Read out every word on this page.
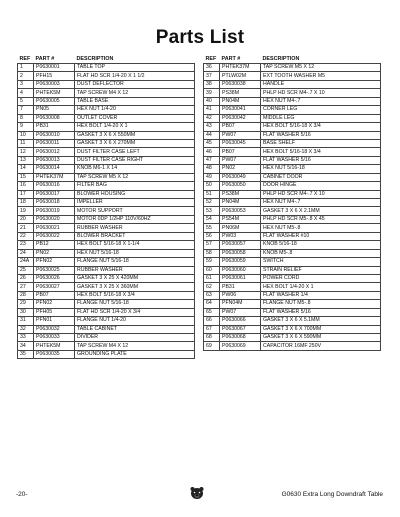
Parts List
REF	PART #	DESCRIPTION
1	P0630001	TABLE TOP
2	PFH15	FLAT HD SCR 1/4-20 X 1 1/2
3	P0630003	DUST DEFLECTOR
4	PHTEK5M	TAP SCREW M4 X 12
5	P0630005	TABLE BASE
7	PN05	HEX NUT 1/4-20
8	P0630008	OUTLET COVER
9	PB31	HEX BOLT 1/4-20 X 1
10	P0630010	GASKET 3 X 6 X 550MM
11	P0630011	GASKET 3 X 6 X 270MM
12	P0630012	DUST FILTER CASE LEFT
13	P0630013	DUST FILTER CASE RIGHT
14	P0630014	KNOB M6-1 X 14
15	PHTEK37M	TAP SCREW M5 X 12
16	P0630016	FILTER BAG
17	P0630017	BLOWER HOUSING
18	P0630018	IMPELLER
19	P0630019	MOTOR SUPPORT
20	P0630020	MOTOR 0DP 1/2HP 110V/60HZ
21	P0630021	RUBBER WASHER
22	P0630022	BLOWER BRACKET
23	PB12	HEX BOLT 5/16-18 X 1-1/4
24	PN02	HEX NUT 5/16-18
24A	PFN02	FLANGE NUT 5/16-18
25	P0630025	RUBBER WASHER
26	P0630026	GASKET 3 X 25 X 420MM
27	P0630027	GASKET 3 X 25 X 360MM
28	PB07	HEX BOLT 5/16-18 X 3/4
29	PFN02	FLANGE NUT 5/16-18
30	PFH05	FLAT HD SCR 1/4-20 X 3/4
31	PFN01	FLANGE NUT 1/4-20
32	P0630032	TABLE CABINET
33	P0630033	DIVIDER
34	PHTEK5M	TAP SCREW M4 X 12
35	P0630035	GROUNDING PLATE
REF	PART #	DESCRIPTION
36	PHTEK37M	TAP SCREW M5 X 12
37	PTLW02M	EXT TOOTH WASHER M5
38	P0630038	HANDLE
39	PS38M	PHLP HD SCR M4-.7 X 10
40	PN04M	HEX NUT M4-.7
41	P0630041	CORNER LEG
42	P0630042	MIDDLE LEG
43	PB07	HEX BOLT 5/16-18 X 3/4
44	PW07	FLAT WASHER 5/16
45	P0630045	BASE SHELF
46	PB07	HEX BOLT 5/16-18 X 3/4
47	PW07	FLAT WASHER 5/16
48	PN02	HEX NUT 5/16-18
49	P0630049	CABINET DOOR
50	P0630050	DOOR HINGE
51	PS38M	PHLP HD SCR M4-.7 X 10
52	PN04M	HEX NUT M4-.7
53	P0630053	GASKET 3 X 6 X 2.1MM
54	PS54M	PHLP HD SCR M5-.8 X 45
55	PN06M	HEX NUT M5-.8
56	PW03	FLAT WASHER #10
57	P0630057	KNOB 5/16-18
58	P0630058	KNOB M5-.8
59	P0630059	SWITCH
60	P0630060	STRAIN RELIEF
61	P0630061	POWER CORD
62	PB31	HEX BOLT 1/4-20 X 1
63	PW06	FLAT WASHER 1/4
64	PFN04M	FLANGE NUT M5-.8
65	PW07	FLAT WASHER 5/16
66	P0630066	GASKET 3 X 6 X 5.1MM
67	P0630067	GASKET 3 X 6 X 700MM
68	P0630068	GASKET 3 X 6 X 590MM
69	P0630069	CAPACITOR 16MF 250V
-20-	G0630 Extra Long Downdraft Table
